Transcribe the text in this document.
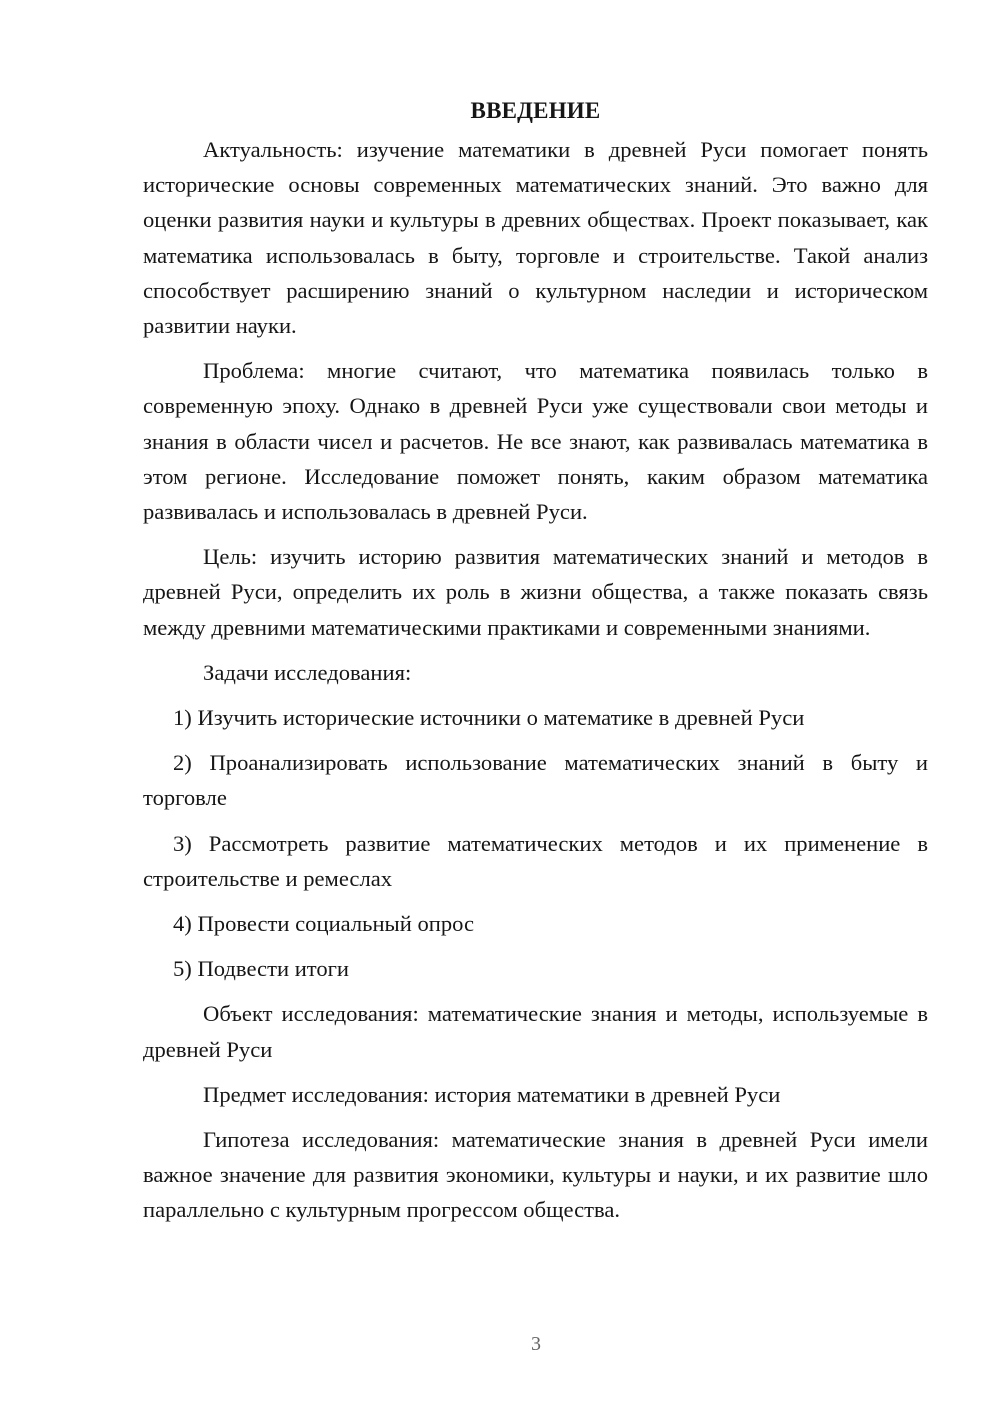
ВВЕДЕНИЕ

Актуальность: изучение математики в древней Руси помогает понять исторические основы современных математических знаний. Это важно для оценки развития науки и культуры в древних обществах. Проект показывает, как математика использовалась в быту, торговле и строительстве. Такой анализ способствует расширению знаний о культурном наследии и историческом развитии науки.

Проблема: многие считают, что математика появилась только в современную эпоху. Однако в древней Руси уже существовали свои методы и знания в области чисел и расчетов. Не все знают, как развивалась математика в этом регионе. Исследование поможет понять, каким образом математика развивалась и использовалась в древней Руси.

Цель: изучить историю развития математических знаний и методов в древней Руси, определить их роль в жизни общества, а также показать связь между древними математическими практиками и современными знаниями.

Задачи исследования:

1) Изучить исторические источники о математике в древней Руси

2) Проанализировать использование математических знаний в быту и торговле

3) Рассмотреть развитие математических методов и их применение в строительстве и ремеслах

4) Провести социальный опрос

5) Подвести итоги

Объект исследования: математические знания и методы, используемые в древней Руси

Предмет исследования: история математики в древней Руси

Гипотеза исследования: математические знания в древней Руси имели важное значение для развития экономики, культуры и науки, и их развитие шло параллельно с культурным прогрессом общества.

3
